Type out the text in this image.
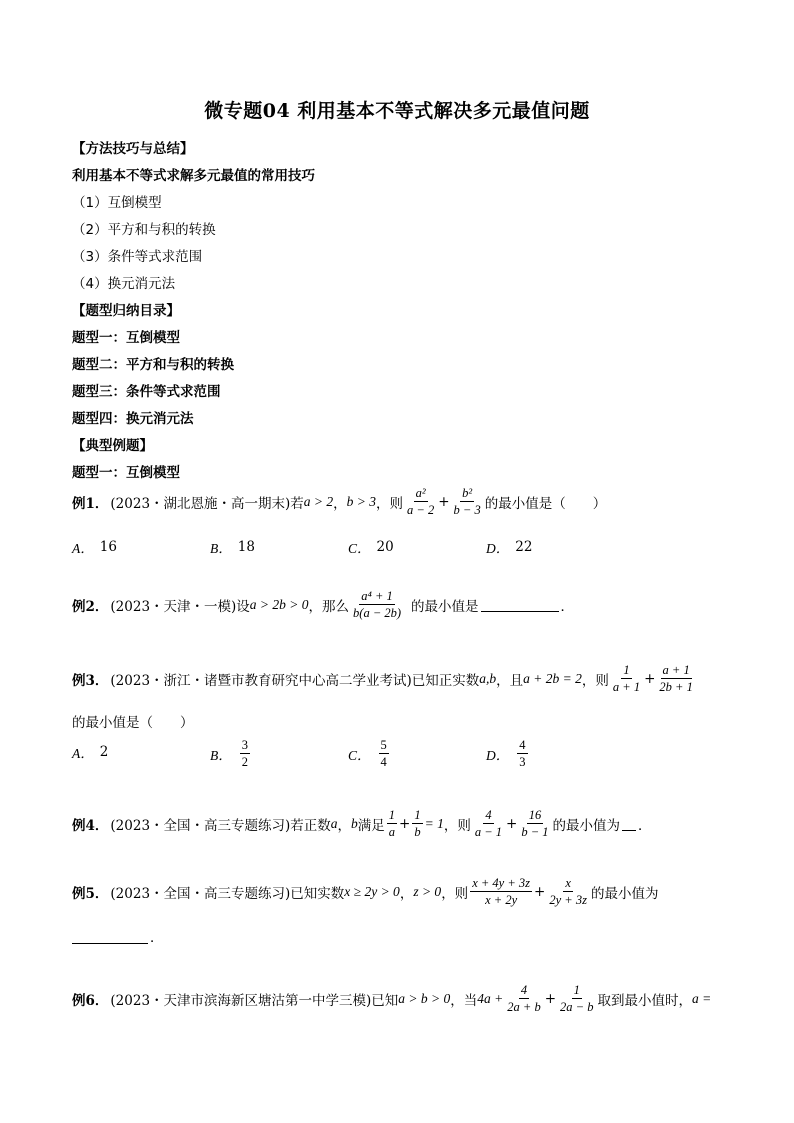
微专题04 利用基本不等式解决多元最值问题
【方法技巧与总结】
利用基本不等式求解多元最值的常用技巧
（1）互倒模型
（2）平方和与积的转换
（3）条件等式求范围
（4）换元消元法
【题型归纳目录】
题型一：互倒模型
题型二：平方和与积的转换
题型三：条件等式求范围
题型四：换元消元法
【典型例题】
题型一：互倒模型
例1． (2023・湖北恩施・高一期末) 若 a > 2 ， b > 3 ，则 $\frac{\text{a²}}{a - 2} + \frac{\text{b²}}{b - 3}$ 的最小值是（　　）
A． 16	B． 18	C． 20	D． 22
例2． (2023・天津・一模) 设 a > 2b > 0 ，那么 $\frac{\text{a⁴ + 1}}{b(a - 2b)}$ 的最小值是	．
例3． (2023・浙江・诸暨市教育研究中心高二学业考试) 已知正实数 a,b ，且 a + 2b = 2 ，则 $\frac{1}{a + 1} + \frac{a + 1}{2b + 1}$
的最小值是（　　）
A． 2	B． $\frac{3}{2}$	C． $\frac{5}{4}$	D． $\frac{4}{3}$
例4． (2023・全国・高三专题练习) 若正数 a ， b 满足 $\frac{1}{a} + \frac{1}{b} = 1$ ，则 $\frac{4}{a - 1} + \frac{16}{b - 1}$ 的最小值为 ．
例5． (2023・全国・高三专题练习) 已知实数 x ≥ 2y > 0 ， z > 0 ，则 $\frac{x + 4y + 3z}{x + 2y} + \frac{x}{2y + 3z}$ 的最小值为
．
例6． (2023・天津市滨海新区塘沽第一中学三模) 已知 a > b > 0 ，当 $4a + \frac{4}{2a + b} + \frac{1}{2a - b}$ 取到最小值时， a =
